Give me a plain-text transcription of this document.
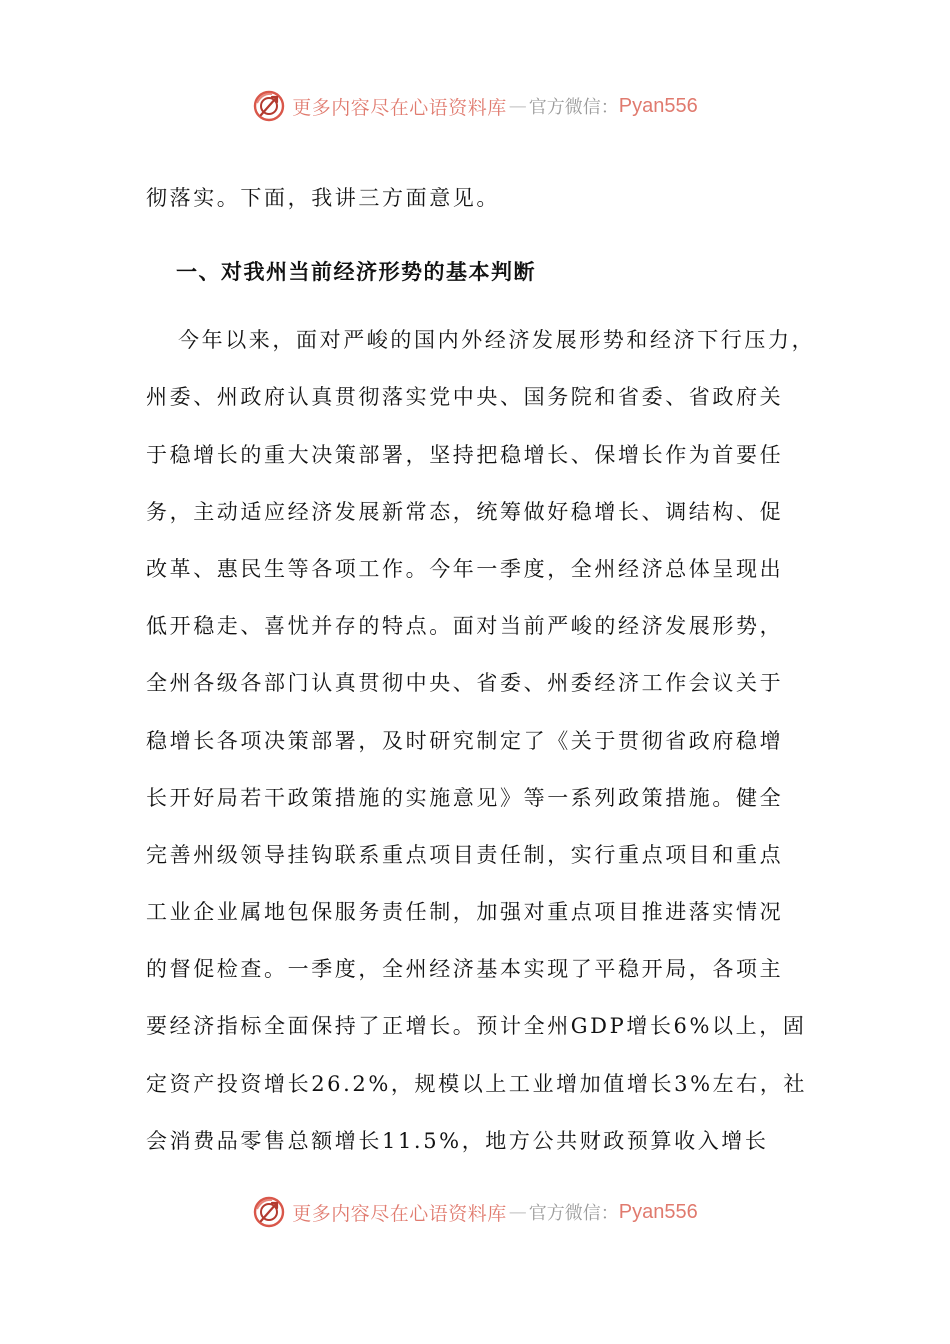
更多内容尽在心语资料库 — 官方微信： Pyan556
彻落实。下面，我讲三方面意见。
一、对我州当前经济形势的基本判断
今年以来，面对严峻的国内外经济发展形势和经济下行压力，
州委、州政府认真贯彻落实党中央、国务院和省委、省政府关
于稳增长的重大决策部署，坚持把稳增长、保增长作为首要任
务，主动适应经济发展新常态，统筹做好稳增长、调结构、促
改革、惠民生等各项工作。今年一季度，全州经济总体呈现出
低开稳走、喜忧并存的特点。面对当前严峻的经济发展形势，
全州各级各部门认真贯彻中央、省委、州委经济工作会议关于
稳增长各项决策部署，及时研究制定了《关于贯彻省政府稳增
长开好局若干政策措施的实施意见》等一系列政策措施。健全
完善州级领导挂钩联系重点项目责任制，实行重点项目和重点
工业企业属地包保服务责任制，加强对重点项目推进落实情况
的督促检查。一季度，全州经济基本实现了平稳开局，各项主
要经济指标全面保持了正增长。预计全州GDP增长6%以上，固
定资产投资增长26.2%，规模以上工业增加值增长3%左右，社
会消费品零售总额增长11.5%，地方公共财政预算收入增长
更多内容尽在心语资料库 — 官方微信： Pyan556
